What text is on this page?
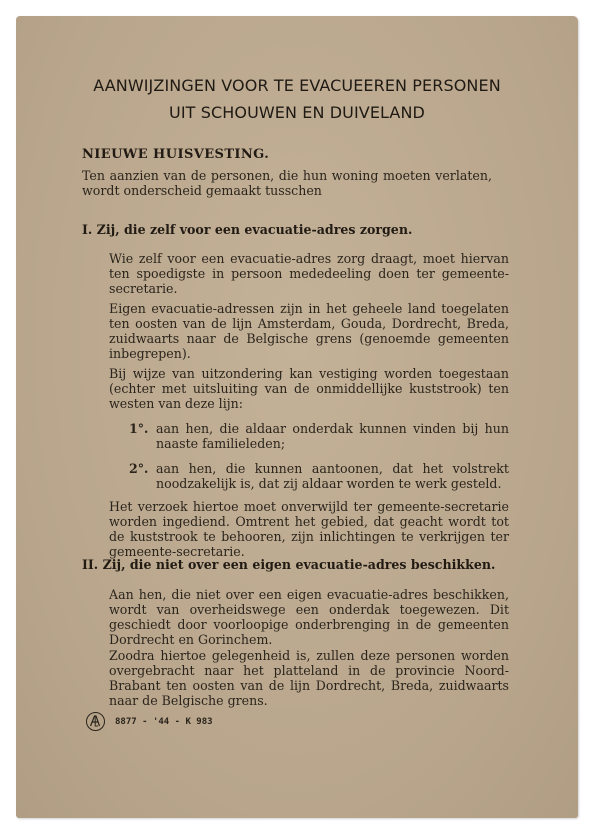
AANWIJZINGEN VOOR TE EVACUEEREN PERSONEN
UIT SCHOUWEN EN DUIVELAND
NIEUWE HUISVESTING.

Ten aanzien van de personen, die hun woning moeten verlaten, wordt onderscheid gemaakt tusschen

I. Zij, die zelf voor een evacuatie-adres zorgen.

Wie zelf voor een evacuatie-adres zorg draagt, moet hiervan ten spoedigste in persoon mededeeling doen ter gemeente-secretarie.

Eigen evacuatie-adressen zijn in het geheele land toegelaten ten oosten van de lijn Amsterdam, Gouda, Dordrecht, Breda, zuidwaarts naar de Belgische grens (genoemde gemeenten inbegrepen).

Bij wijze van uitzondering kan vestiging worden toegestaan (echter met uitsluiting van de onmiddellijke kuststrook) ten westen van deze lijn:

1°. aan hen, die aldaar onderdak kunnen vinden bij hun naaste familieleden;
2°. aan hen, die kunnen aantoonen, dat het volstrekt noodzakelijk is, dat zij aldaar worden te werk gesteld.

Het verzoek hiertoe moet onverwijld ter gemeente-secretarie worden ingediend. Omtrent het gebied, dat geacht wordt tot de kuststrook te behooren, zijn inlichtingen te verkrijgen ter gemeente-secretarie.

II. Zij, die niet over een eigen evacuatie-adres beschikken.

Aan hen, die niet over een eigen evacuatie-adres beschikken, wordt van overheidswege een onderdak toegewezen. Dit geschiedt door voorloopige onderbrenging in de gemeenten Dordrecht en Gorinchem.

Zoodra hiertoe gelegenheid is, zullen deze personen worden overgebracht naar het platteland in de provincie Noord-Brabant ten oosten van de lijn Dordrecht, Breda, zuidwaarts naar de Belgische grens.

8877 - '44 - K 983
